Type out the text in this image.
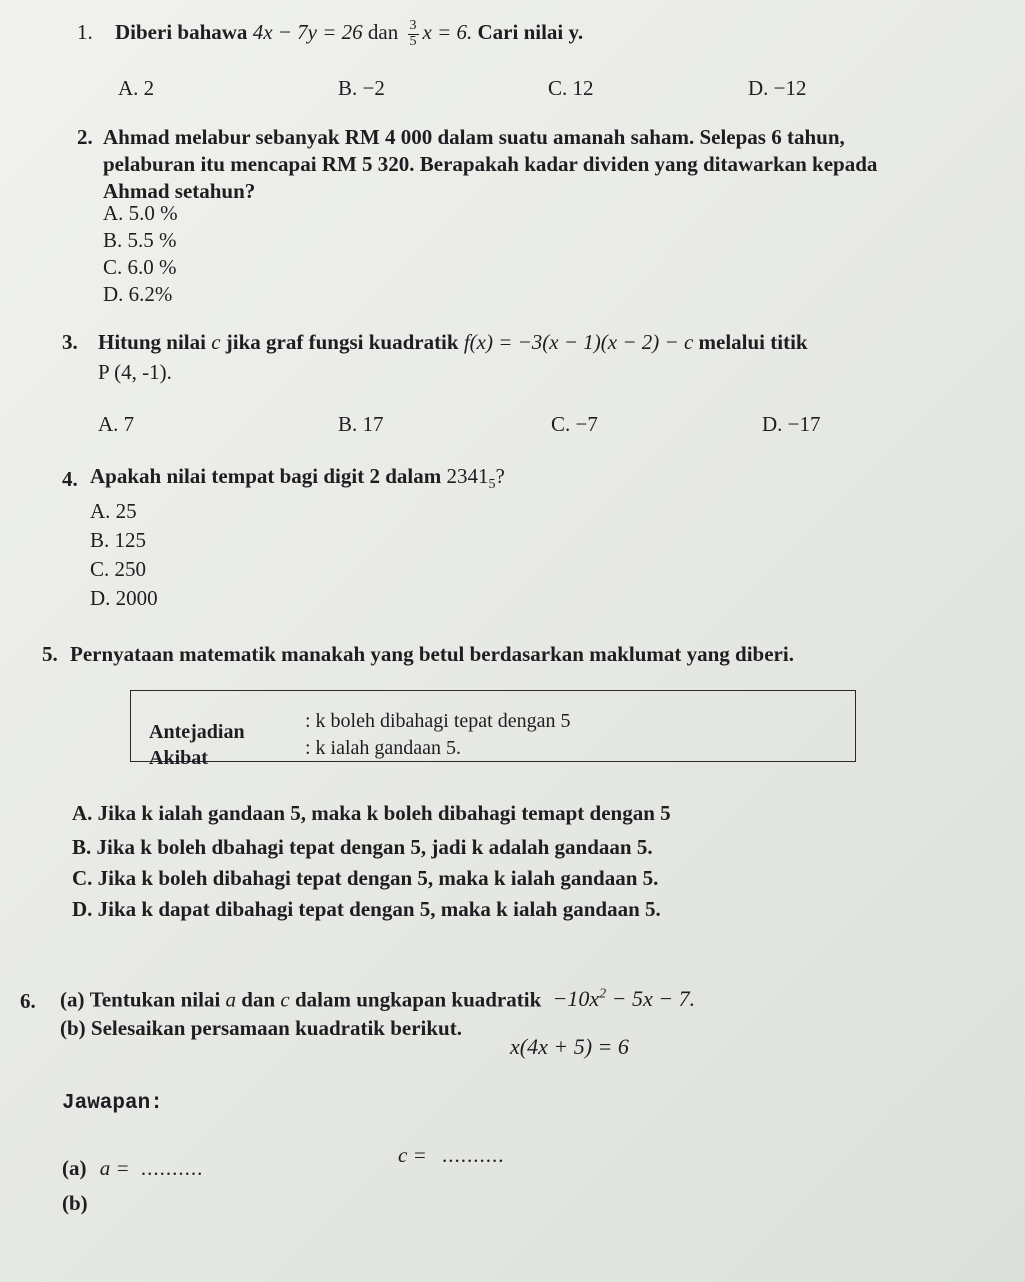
1. Diberi bahawa 4x − 7y = 26 dan $\frac{3}{5}$ x = 6. Cari nilai y.
A. 2	B. −2	C. 12	D. −12
2. Ahmad melabur sebanyak RM 4 000 dalam suatu amanah saham. Selepas 6 tahun,
pelaburan itu mencapai RM 5 320. Berapakah kadar dividen yang ditawarkan kepada
Ahmad setahun?
A. 5.0 %
B. 5.5 %
C. 6.0 %
D. 6.2%
3. Hitung nilai c jika graf fungsi kuadratik f(x) = −3(x − 1)(x − 2) − c melalui titik
P (4, -1).
A. 7	B. 17	C. −7	D. −17
4. Apakah nilai tempat bagi digit 2 dalam $2341_5$?
A. 25
B. 125
C. 250
D. 2000
5. Pernyataan matematik manakah yang betul berdasarkan maklumat yang diberi.
Antejadian	: k boleh dibahagi tepat dengan 5
Akibat	: k ialah gandaan 5.
A. Jika k ialah gandaan 5, maka k boleh dibahagi temapt dengan 5
B. Jika k boleh dbahagi tepat dengan 5, jadi k adalah gandaan 5.
C. Jika k boleh dibahagi tepat dengan 5, maka k ialah gandaan 5.
D. Jika k dapat dibahagi tepat dengan 5, maka k ialah gandaan 5.
6. (a) Tentukan nilai a dan c dalam ungkapan kuadratik $-10x^2 - 5x - 7$.
(b) Selesaikan persamaan kuadratik berikut.
x(4x + 5) = 6
Jawapan:
(a) a = ..........
c = ..........
(b)
